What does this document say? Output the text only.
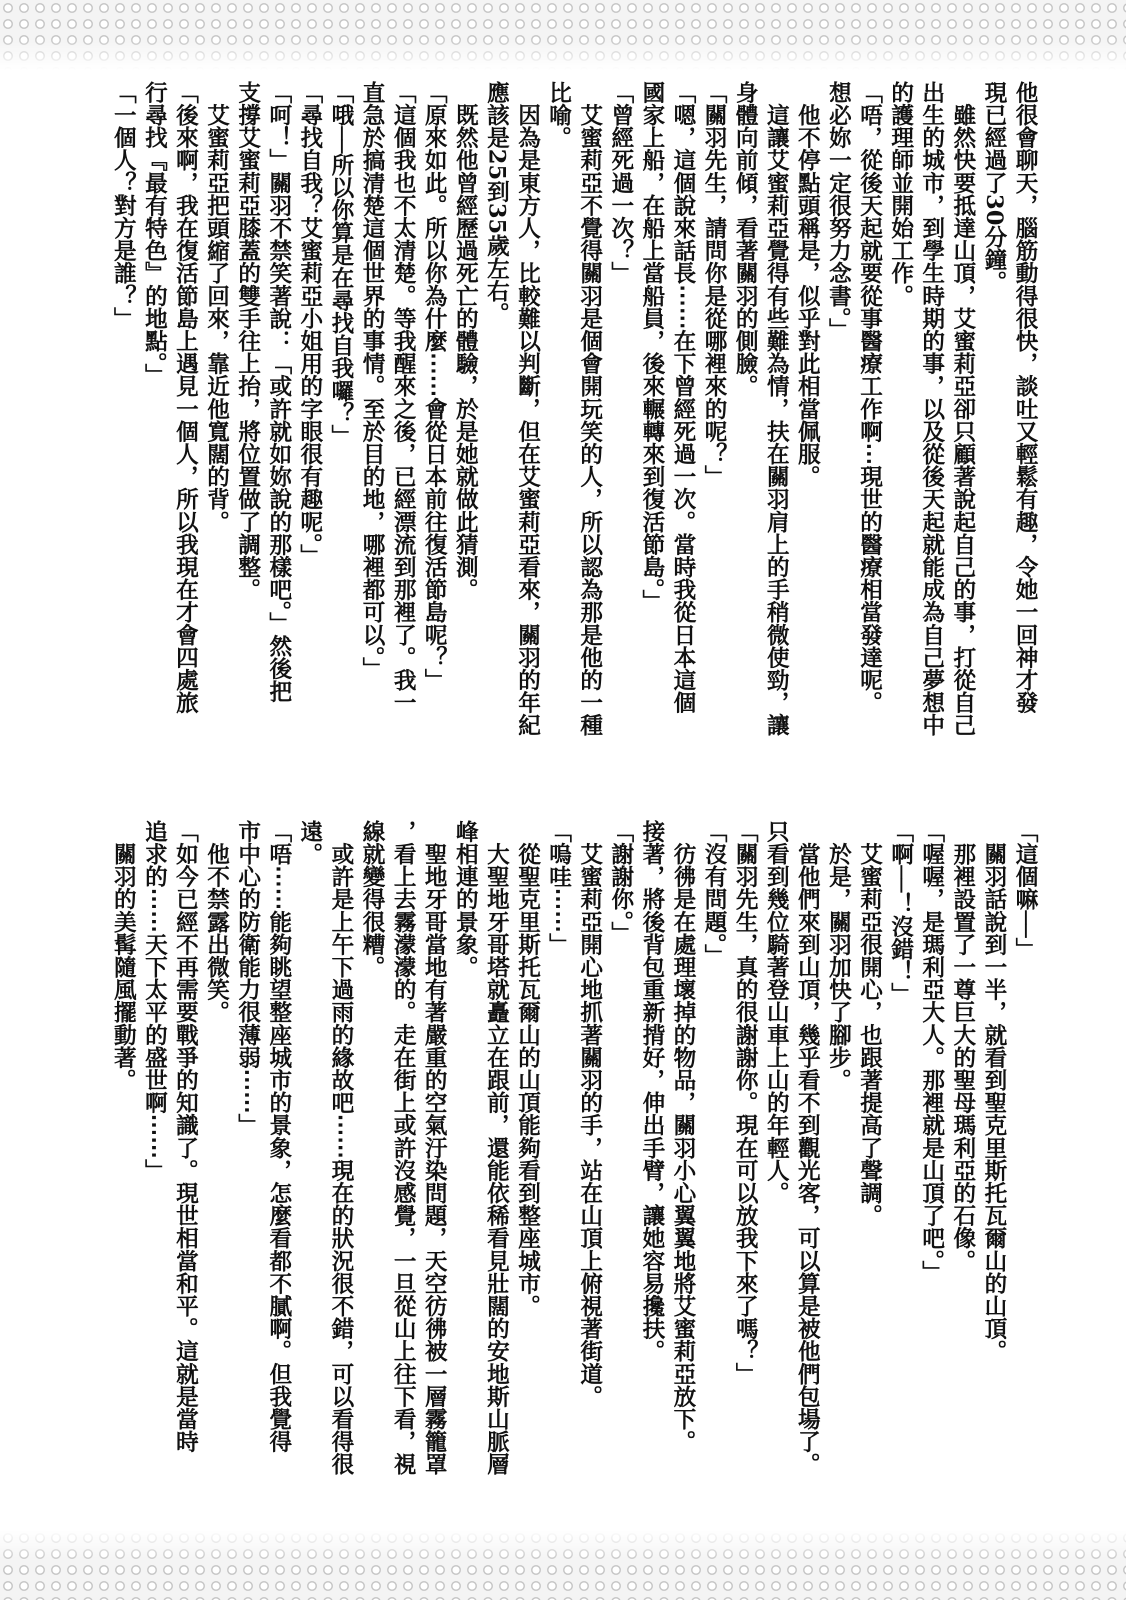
他很會聊天，腦筋動得很快，談吐又輕鬆有趣，令她一回神才發

現已經過了30分鐘。

　雖然快要抵達山頂，艾蜜莉亞卻只顧著說起自己的事，打從自己

出生的城市，到學生時期的事，以及從後天起就能成為自己夢想中

的護理師並開始工作。

「唔，從後天起就要從事醫療工作啊⋯現世的醫療相當發達呢。

想必妳一定很努力念書。」

　他不停點頭稱是，似乎對此相當佩服。

　這讓艾蜜莉亞覺得有些難為情，扶在關羽肩上的手稍微使勁，讓

身體向前傾，看著關羽的側臉。

「關羽先生，請問你是從哪裡來的呢？」

「嗯，這個說來話長⋯⋯在下曾經死過一次。當時我從日本這個

國家上船，在船上當船員，後來輾轉來到復活節島。」

「曾經死過一次？」

　艾蜜莉亞不覺得關羽是個會開玩笑的人，所以認為那是他的一種

比喻。

　因為是東方人，比較難以判斷，但在艾蜜莉亞看來，關羽的年紀

應該是25到35歲左右。

　既然他曾經歷過死亡的體驗，於是她就做此猜測。

「原來如此。所以你為什麼⋯⋯會從日本前往復活節島呢？」

「這個我也不太清楚。等我醒來之後，已經漂流到那裡了。我一

直急於搞清楚這個世界的事情。至於目的地，哪裡都可以。」

「哦──所以你算是在尋找自我囉？」

「尋找自我？艾蜜莉亞小姐用的字眼很有趣呢。」

「呵！」關羽不禁笑著說：「或許就如妳說的那樣吧。」然後把

支撐艾蜜莉亞膝蓋的雙手往上抬，將位置做了調整。

　艾蜜莉亞把頭縮了回來，靠近他寬闊的背。

「後來啊，我在復活節島上遇見一個人，所以我現在才會四處旅

行尋找『最有特色』的地點。」

「一個人？對方是誰？」

「這個嘛──」

　關羽話說到一半，就看到聖克里斯托瓦爾山的山頂。

　那裡設置了一尊巨大的聖母瑪利亞的石像。

「喔喔，是瑪利亞大人。那裡就是山頂了吧。」

「啊──！沒錯！」

　艾蜜莉亞很開心，也跟著提高了聲調。

　於是，關羽加快了腳步。

　當他們來到山頂，幾乎看不到觀光客，可以算是被他們包場了。

只看到幾位騎著登山車上山的年輕人。

「關羽先生，真的很謝謝你。現在可以放我下來了嗎？」

「沒有問題。」

　彷彿是在處理壞掉的物品，關羽小心翼翼地將艾蜜莉亞放下。

接著，將後背包重新揹好，伸出手臂，讓她容易攙扶。

「謝謝你。」

　艾蜜莉亞開心地抓著關羽的手，站在山頂上俯視著街道。

「嗚哇⋯⋯」

　從聖克里斯托瓦爾山的山頂能夠看到整座城市。

　大聖地牙哥塔就矗立在跟前，還能依稀看見壯闊的安地斯山脈層

峰相連的景象。

　聖地牙哥當地有著嚴重的空氣汙染問題，天空彷彿被一層霧籠罩

，看上去霧濛濛的。走在街上或許沒感覺，一旦從山上往下看，視

線就變得很糟。

　或許是上午下過雨的緣故吧⋯⋯現在的狀況很不錯，可以看得很

遠。

「唔⋯⋯能夠眺望整座城市的景象，怎麼看都不膩啊。但我覺得

市中心的防衛能力很薄弱⋯⋯」

　他不禁露出微笑。

「如今已經不再需要戰爭的知識了。現世相當和平。這就是當時

追求的⋯⋯天下太平的盛世啊⋯⋯」

　關羽的美髯隨風擺動著。
